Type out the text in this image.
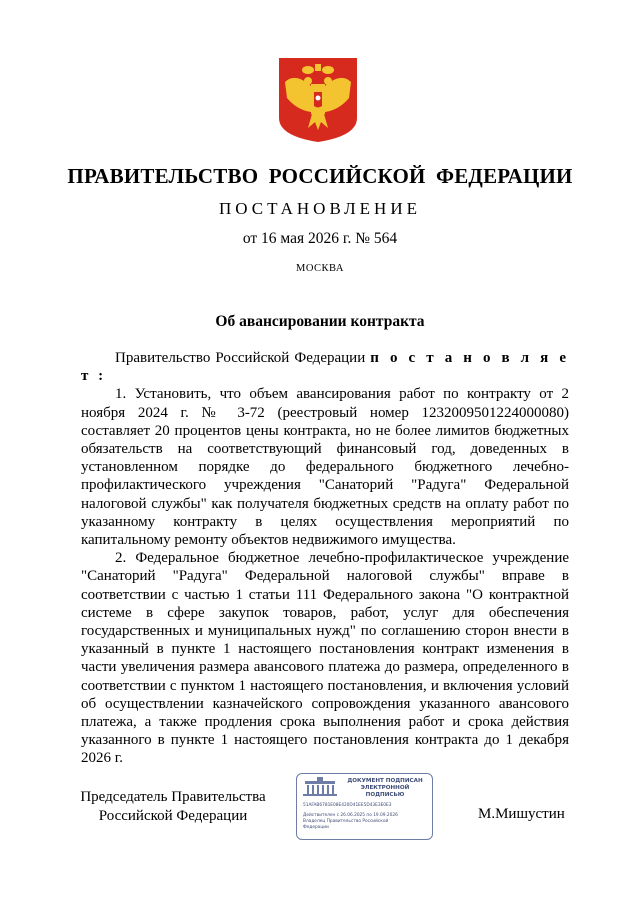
ПРАВИТЕЛЬСТВО РОССИЙСКОЙ ФЕДЕРАЦИИ
ПОСТАНОВЛЕНИЕ
от 16 мая 2026 г. № 564
МОСКВА
Об авансировании контракта

Правительство Российской Федерации п о с т а н о в л я е т :

1. Установить, что объем авансирования работ по контракту от 2 ноября 2024 г. № 3-72 (реестровый номер 1232009501224000080) составляет 20 процентов цены контракта, но не более лимитов бюджетных обязательств на соответствующий финансовый год, доведенных в установленном порядке до федерального бюджетного лечебно-профилактического учреждения "Санаторий "Радуга" Федеральной налоговой службы" как получателя бюджетных средств на оплату работ по указанному контракту в целях осуществления мероприятий по капитальному ремонту объектов недвижимого имущества.

2. Федеральное бюджетное лечебно-профилактическое учреждение "Санаторий "Радуга" Федеральной налоговой службы" вправе в соответствии с частью 1 статьи 111 Федерального закона "О контрактной системе в сфере закупок товаров, работ, услуг для обеспечения государственных и муниципальных нужд" по соглашению сторон внести в указанный в пункте 1 настоящего постановления контракт изменения в части увеличения размера авансового платежа до размера, определенного в соответствии с пунктом 1 настоящего постановления, и включения условий об осуществлении казначейского сопровождения указанного авансового платежа, а также продления срока выполнения работ и срока действия указанного в пункте 1 настоящего постановления контракта до 1 декабря 2026 г.

Председатель Правительства
Российской Федерации
ДОКУМЕНТ ПОДПИСАН
ЭЛЕКТРОННОЙ ПОДПИСЬЮ
51AFAB6781E08E420D41EE5D43E3E0E3
Действителен с 26.06.2025 по 19.09.2026
Владелец Правительство Российской
Федерации
М.Мишустин
